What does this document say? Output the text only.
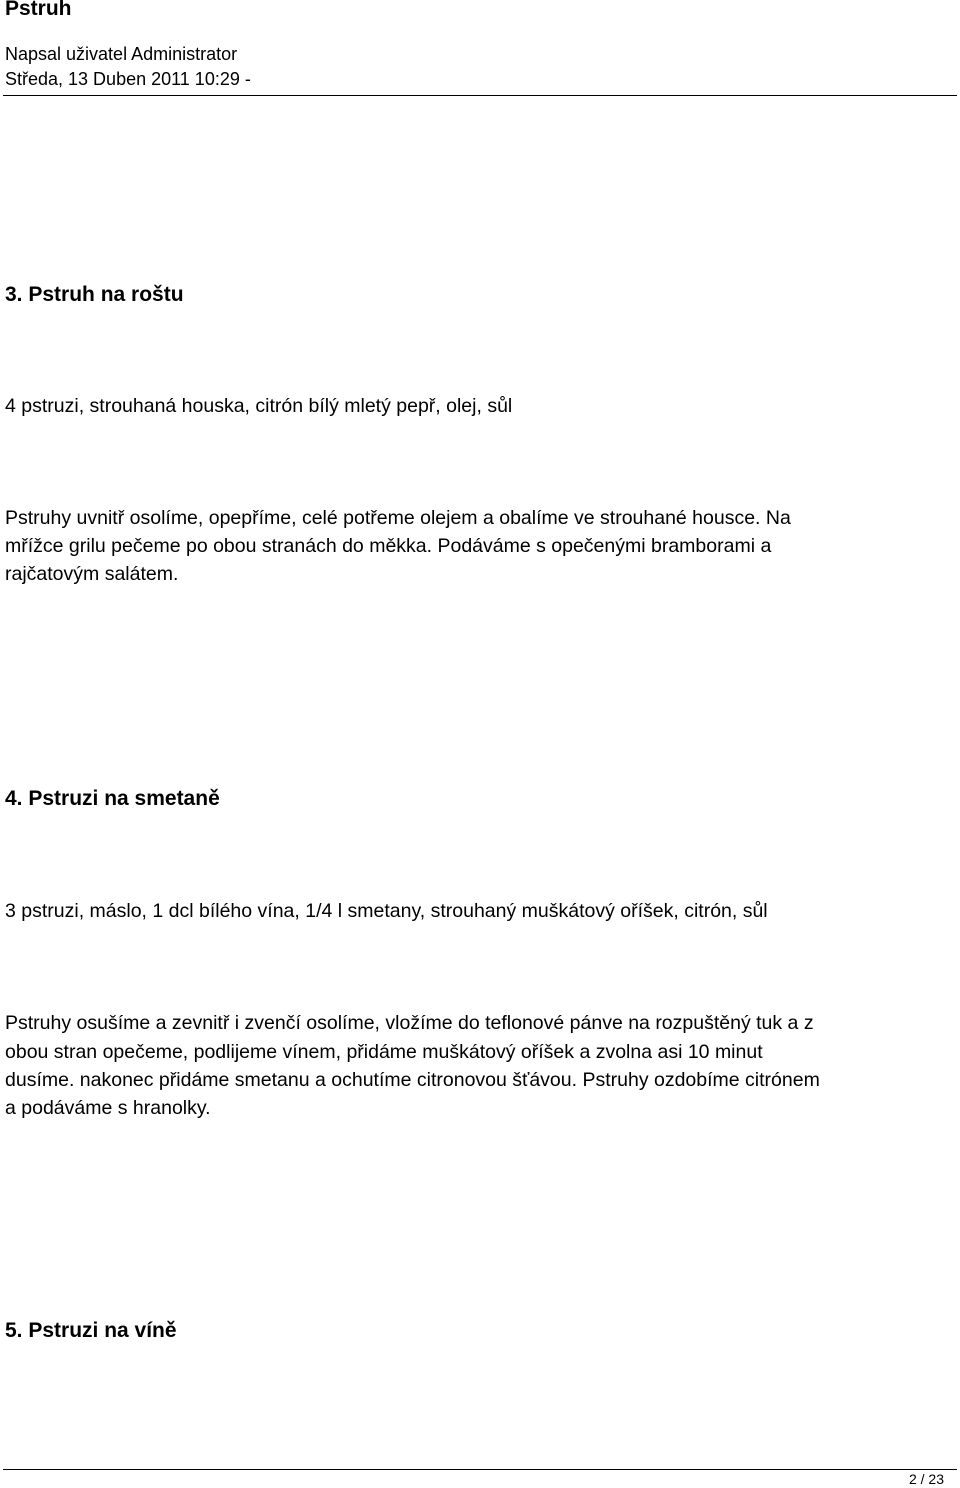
Pstruh
Napsal uživatel Administrator
Středa, 13 Duben 2011 10:29 -
3. Pstruh na roštu

4 pstruzi, strouhaná houska, citrón bílý mletý pepř, olej, sůl

Pstruhy uvnitř osolíme, opepříme, celé potřeme olejem a obalíme ve strouhané housce. Na

mřížce grilu pečeme po obou stranách do měkka. Podáváme s opečenými bramborami a

rajčatovým salátem.

4. Pstruzi na smetaně

3 pstruzi, máslo, 1 dcl bílého vína, 1/4 l smetany, strouhaný muškátový oříšek, citrón, sůl

Pstruhy osušíme a zevnitř i zvenčí osolíme, vložíme do teflonové pánve na rozpuštěný tuk a z

obou stran opečeme, podlijeme vínem, přidáme muškátový oříšek a zvolna asi 10 minut

dusíme. nakonec přidáme smetanu a ochutíme citronovou šťávou. Pstruhy ozdobíme citrónem

a podáváme s hranolky.

5. Pstruzi na víně
2 / 23
